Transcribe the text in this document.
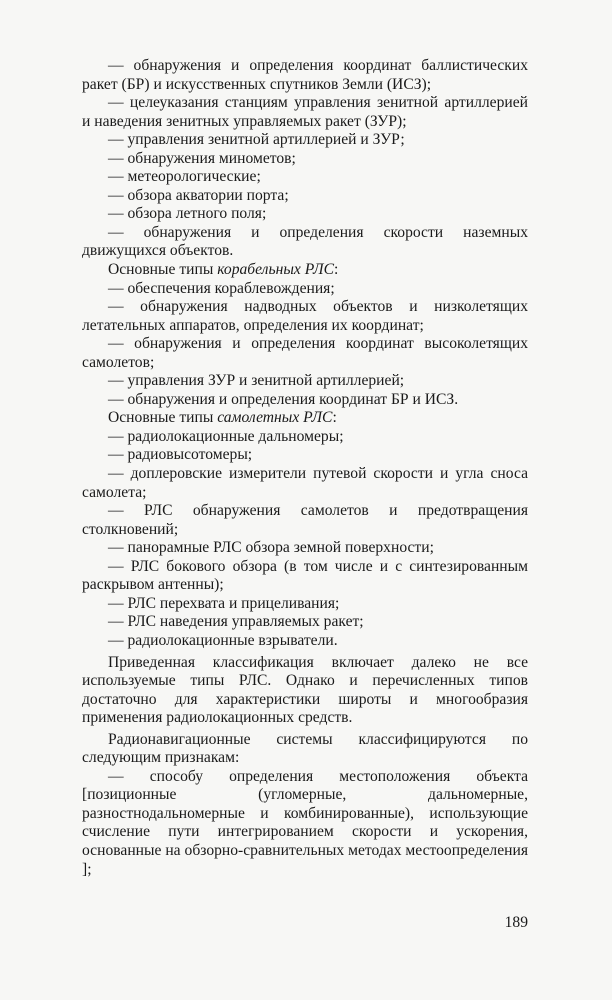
— обнаружения и определения координат баллистических ракет (БР) и искусственных спутников Земли (ИСЗ);

— целеуказания станциям управления зенитной артиллерией и наведения зенитных управляемых ракет (ЗУР);

— управления зенитной артиллерией и ЗУР;

— обнаружения минометов;

— метеорологические;

— обзора акватории порта;

— обзора летного поля;

— обнаружения и определения скорости наземных движущихся объектов.

Основные типы корабельных РЛС:

— обеспечения кораблевождения;

— обнаружения надводных объектов и низколетящих летательных аппаратов, определения их координат;

— обнаружения и определения координат высоколетящих самолетов;

— управления ЗУР и зенитной артиллерией;

— обнаружения и определения координат БР и ИСЗ.

Основные типы самолетных РЛС:

— радиолокационные дальномеры;

— радиовысотомеры;

— доплеровские измерители путевой скорости и угла сноса самолета;

— РЛС обнаружения самолетов и предотвращения столкновений;

— панорамные РЛС обзора земной поверхности;

— РЛС бокового обзора (в том числе и с синтезированным раскрывом антенны);

— РЛС перехвата и прицеливания;

— РЛС наведения управляемых ракет;

— радиолокационные взрыватели.

Приведенная классификация включает далеко не все используемые типы РЛС. Однако и перечисленных типов достаточно для характеристики широты и многообразия применения радиолокационных средств.

Радионавигационные системы классифицируются по следующим признакам:

— способу определения местоположения объекта [позиционные (угломерные, дальномерные, разностнодальномерные и комбинированные), использующие счисление пути интегрированием скорости и ускорения, основанные на обзорно-сравнительных методах местоопределения ];

189
